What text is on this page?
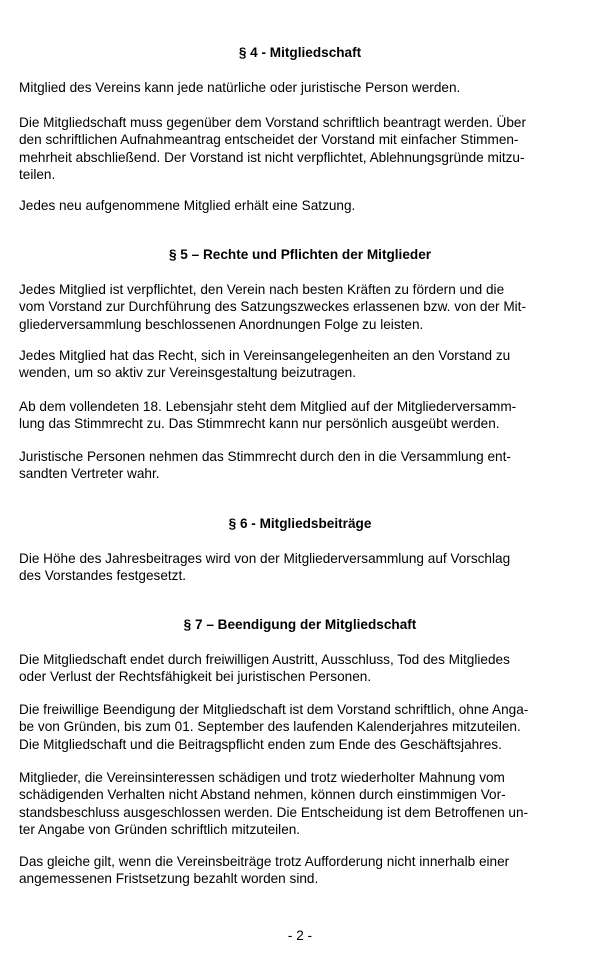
§ 4 - Mitgliedschaft

Mitglied des Vereins kann jede natürliche oder juristische Person werden.

Die Mitgliedschaft muss gegenüber dem Vorstand schriftlich beantragt werden. Über
den schriftlichen Aufnahmeantrag entscheidet der Vorstand mit einfacher Stimmen-
mehrheit abschließend. Der Vorstand ist nicht verpflichtet, Ablehnungsgründe mitzu-
teilen.

Jedes neu aufgenommene Mitglied erhält eine Satzung.

§ 5 – Rechte und Pflichten der Mitglieder

Jedes Mitglied ist verpflichtet, den Verein nach besten Kräften zu fördern und die
vom Vorstand zur Durchführung des Satzungszweckes erlassenen bzw. von der Mit-
gliederversammlung beschlossenen Anordnungen Folge zu leisten.

Jedes Mitglied hat das Recht, sich in Vereinsangelegenheiten an den Vorstand zu
wenden, um so aktiv zur Vereinsgestaltung beizutragen.

Ab dem vollendeten 18. Lebensjahr steht dem Mitglied auf der Mitgliederversamm-
lung das Stimmrecht zu. Das Stimmrecht kann nur persönlich ausgeübt werden.

Juristische Personen nehmen das Stimmrecht durch den in die Versammlung ent-
sandten Vertreter wahr.

§ 6 - Mitgliedsbeiträge

Die Höhe des Jahresbeitrages wird von der Mitgliederversammlung auf Vorschlag
des Vorstandes festgesetzt.

§ 7 – Beendigung der Mitgliedschaft

Die Mitgliedschaft endet durch freiwilligen Austritt, Ausschluss, Tod des Mitgliedes
oder Verlust der Rechtsfähigkeit bei juristischen Personen.

Die freiwillige Beendigung der Mitgliedschaft ist dem Vorstand schriftlich, ohne Anga-
be von Gründen, bis zum 01. September des laufenden Kalenderjahres mitzuteilen.
Die Mitgliedschaft und die Beitragspflicht enden zum Ende des Geschäftsjahres.

Mitglieder, die Vereinsinteressen schädigen und trotz wiederholter Mahnung vom
schädigenden Verhalten nicht Abstand nehmen, können durch einstimmigen Vor-
standsbeschluss ausgeschlossen werden. Die Entscheidung ist dem Betroffenen un-
ter Angabe von Gründen schriftlich mitzuteilen.

Das gleiche gilt, wenn die Vereinsbeiträge trotz Aufforderung nicht innerhalb einer
angemessenen Fristsetzung bezahlt worden sind.

- 2 -
